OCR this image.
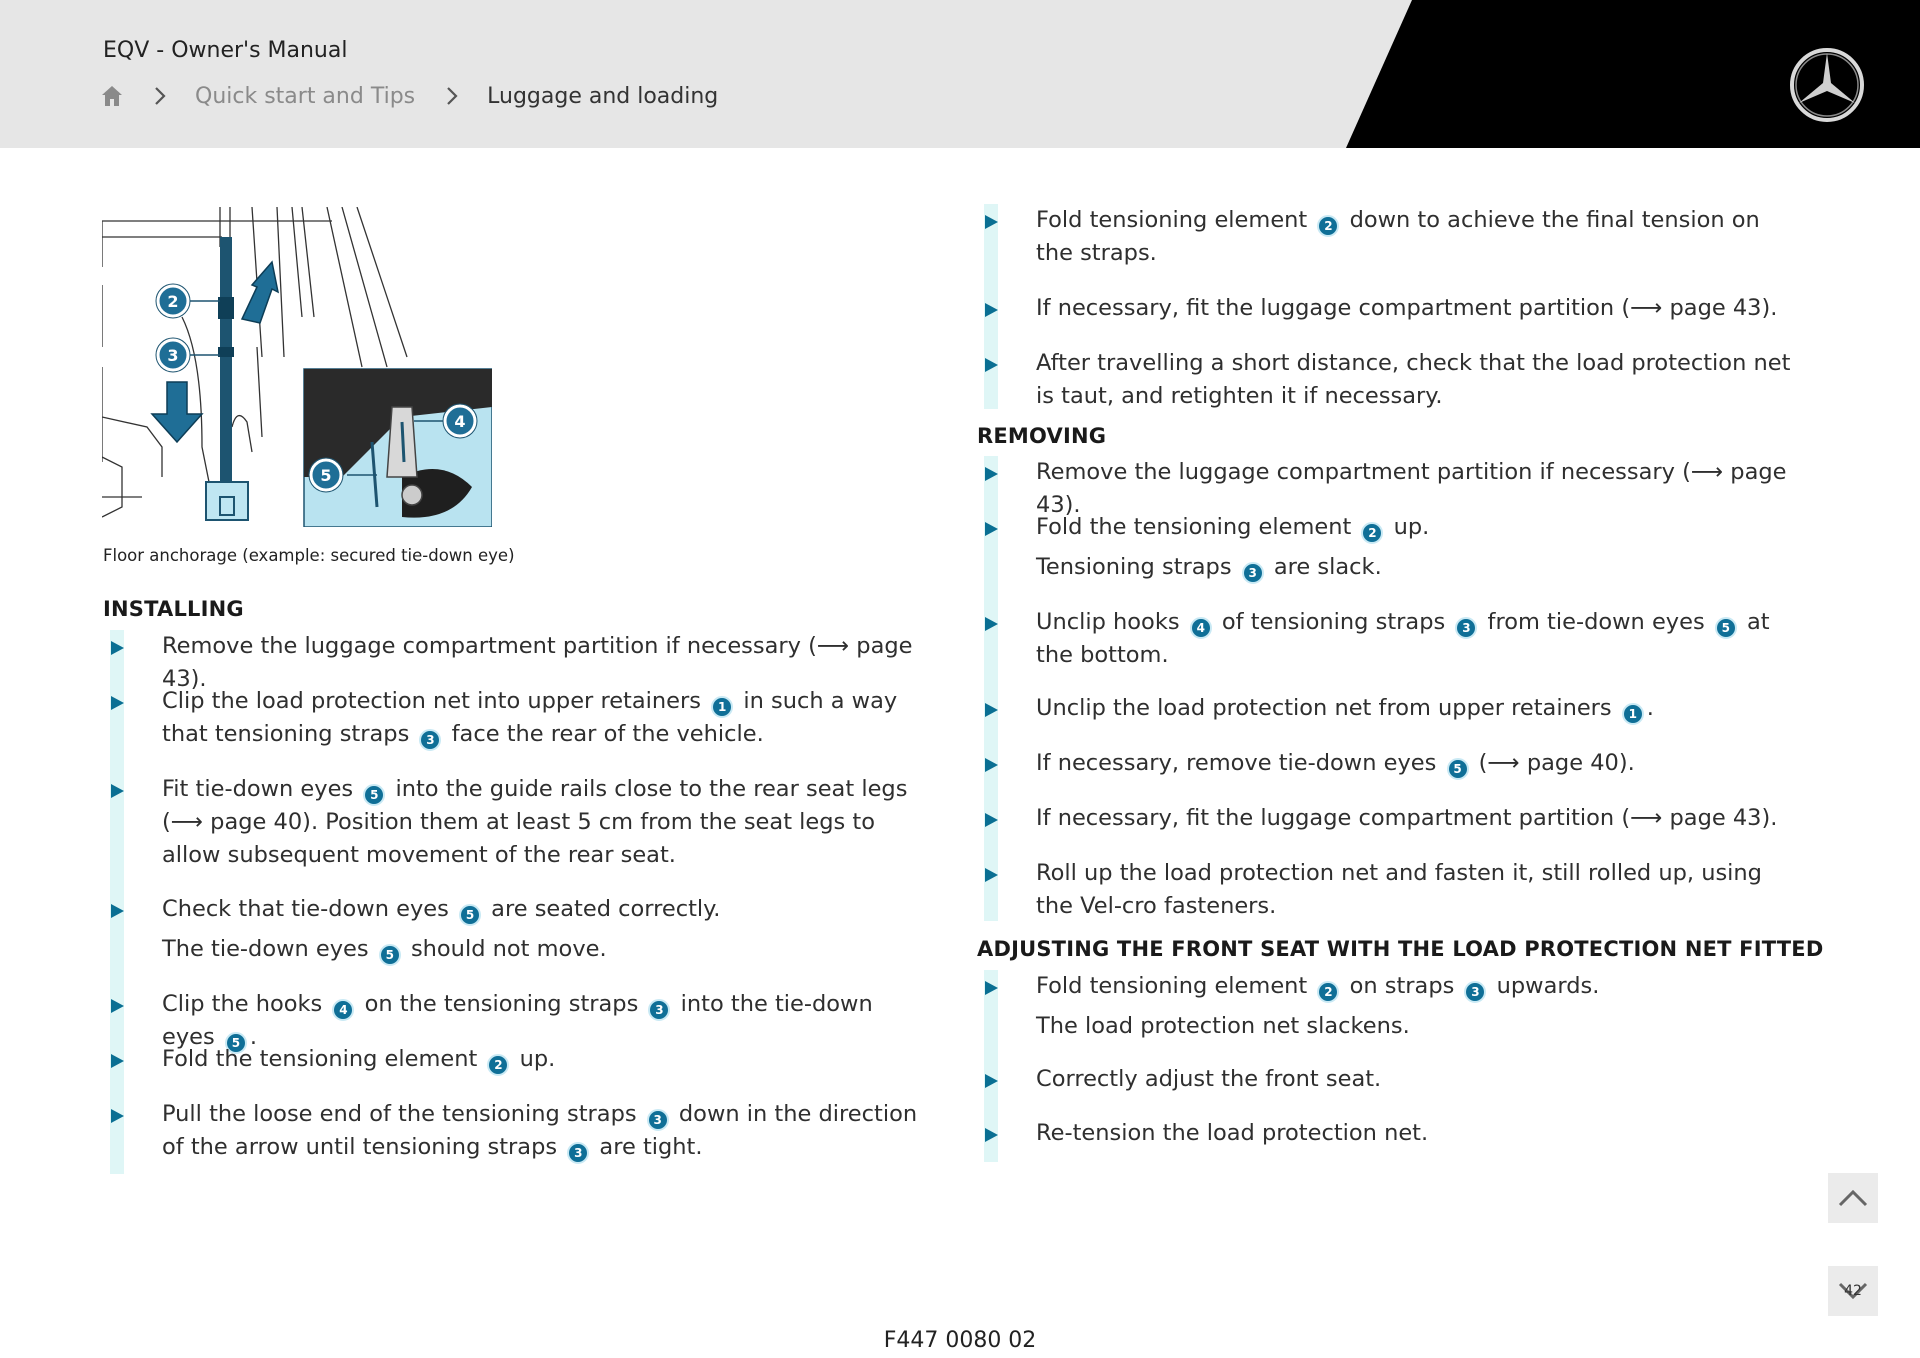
EQV - Owner's Manual
Quick start and Tips	Luggage and loading
2
3
4
5
Floor anchorage (example: secured tie-down eye)
INSTALLING

Remove the luggage compartment partition if necessary (⟶ page 43).

Clip the load protection net into upper retainers 1 in such a way that tensioning straps 3 face the rear of the vehicle.

Fit tie-down eyes 5 into the guide rails close to the rear seat legs (⟶ page 40). Position them at least 5 cm from the seat legs to allow subsequent movement of the rear seat.

Check that tie-down eyes 5 are seated correctly.

The tie-down eyes 5 should not move.

Clip the hooks 4 on the tensioning straps 3 into the tie-down eyes 5 .

Fold the tensioning element 2 up.

Pull the loose end of the tensioning straps 3 down in the direction of the arrow until tensioning straps 3 are tight.

Fold tensioning element 2 down to achieve the final tension on the straps.

If necessary, fit the luggage compartment partition (⟶ page 43).

After travelling a short distance, check that the load protection net is taut, and retighten it if necessary.

REMOVING

Remove the luggage compartment partition if necessary (⟶ page 43).

Fold the tensioning element 2 up.

Tensioning straps 3 are slack.

Unclip hooks 4 of tensioning straps 3 from tie-down eyes 5 at the bottom.

Unclip the load protection net from upper retainers 1 .

If necessary, remove tie-down eyes 5 (⟶ page 40).

If necessary, fit the luggage compartment partition (⟶ page 43).

Roll up the load protection net and fasten it, still rolled up, using the Vel-cro fasteners.

ADJUSTING THE FRONT SEAT WITH THE LOAD PROTECTION NET FITTED

Fold tensioning element 2 on straps 3 upwards.

The load protection net slackens.

Correctly adjust the front seat.

Re-tension the load protection net.

42
F447 0080 02
